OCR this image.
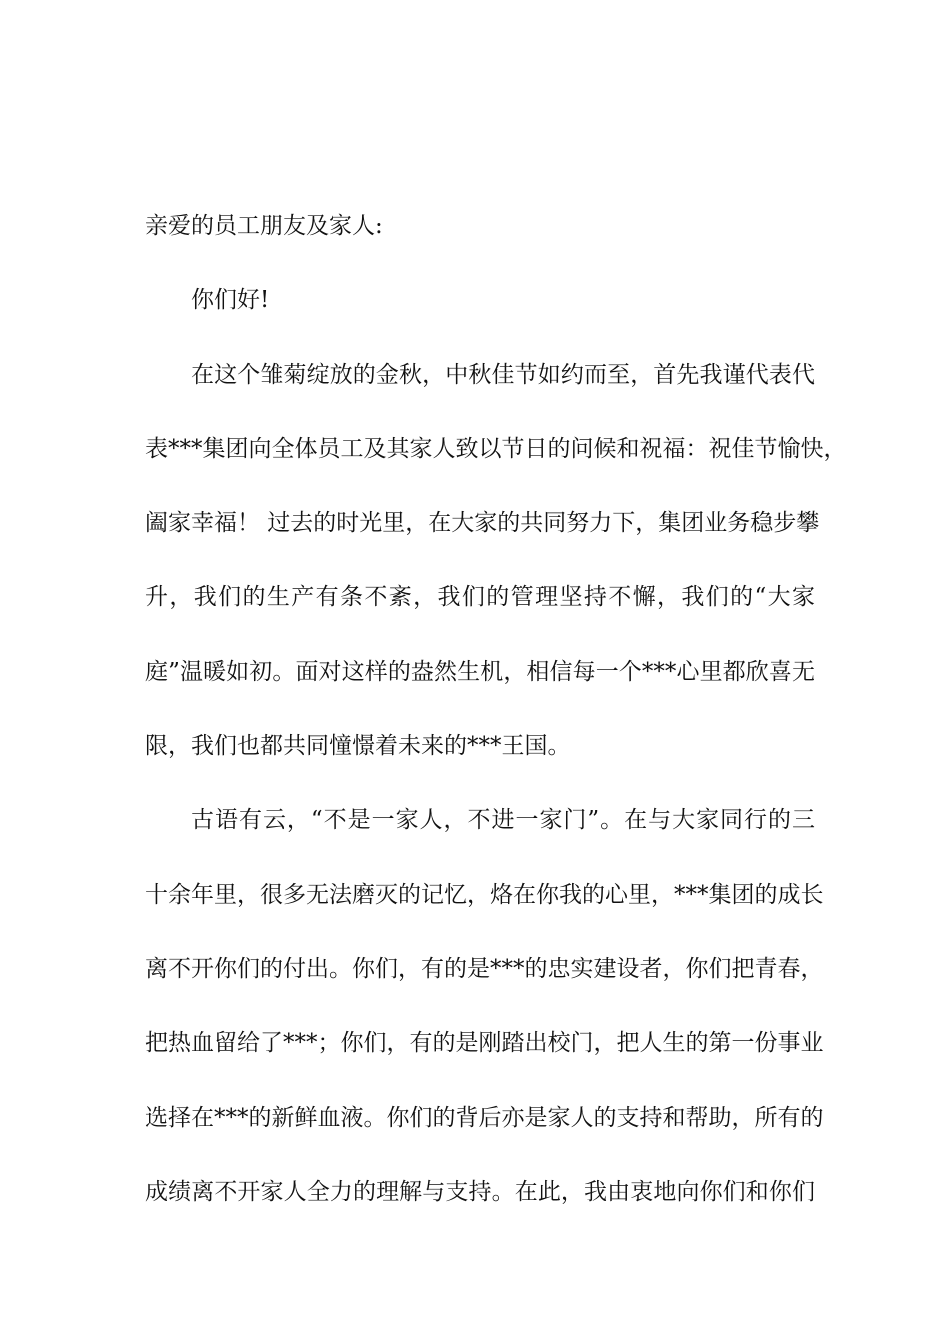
亲爱的员工朋友及家人:
你们好!
在这个雏菊绽放的金秋，中秋佳节如约而至，首先我谨代表代
表***集团向全体员工及其家人致以节日的问候和祝福：祝佳节愉快，
阖家幸福！ 过去的时光里，在大家的共同努力下，集团业务稳步攀
升，我们的生产有条不紊，我们的管理坚持不懈，我们的“大家
庭”温暖如初。面对这样的盎然生机，相信每一个***心里都欣喜无
限，我们也都共同憧憬着未来的***王国。
古语有云，“不是一家人，不进一家门”。在与大家同行的三
十余年里，很多无法磨灭的记忆，烙在你我的心里，***集团的成长
离不开你们的付出。你们，有的是***的忠实建设者，你们把青春，
把热血留给了***；你们，有的是刚踏出校门，把人生的第一份事业
选择在***的新鲜血液。你们的背后亦是家人的支持和帮助，所有的
成绩离不开家人全力的理解与支持。在此，我由衷地向你们和你们
